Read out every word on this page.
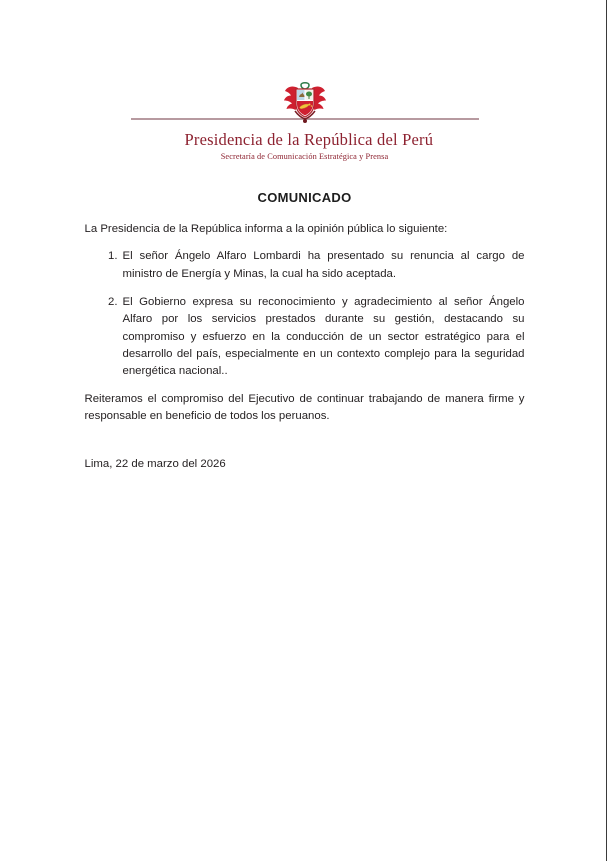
Presidencia de la República del Perú
Secretaría de Comunicación Estratégica y Prensa
COMUNICADO

La Presidencia de la República informa a la opinión pública lo siguiente:

El señor Ángelo Alfaro Lombardi ha presentado su renuncia al cargo de ministro de Energía y Minas, la cual ha sido aceptada.
El Gobierno expresa su reconocimiento y agradecimiento al señor Ángelo Alfaro por los servicios prestados durante su gestión, destacando su compromiso y esfuerzo en la conducción de un sector estratégico para el desarrollo del país, especialmente en un contexto complejo para la seguridad energética nacional..

Reiteramos el compromiso del Ejecutivo de continuar trabajando de manera firme y responsable en beneficio de todos los peruanos.

Lima, 22 de marzo del 2026
